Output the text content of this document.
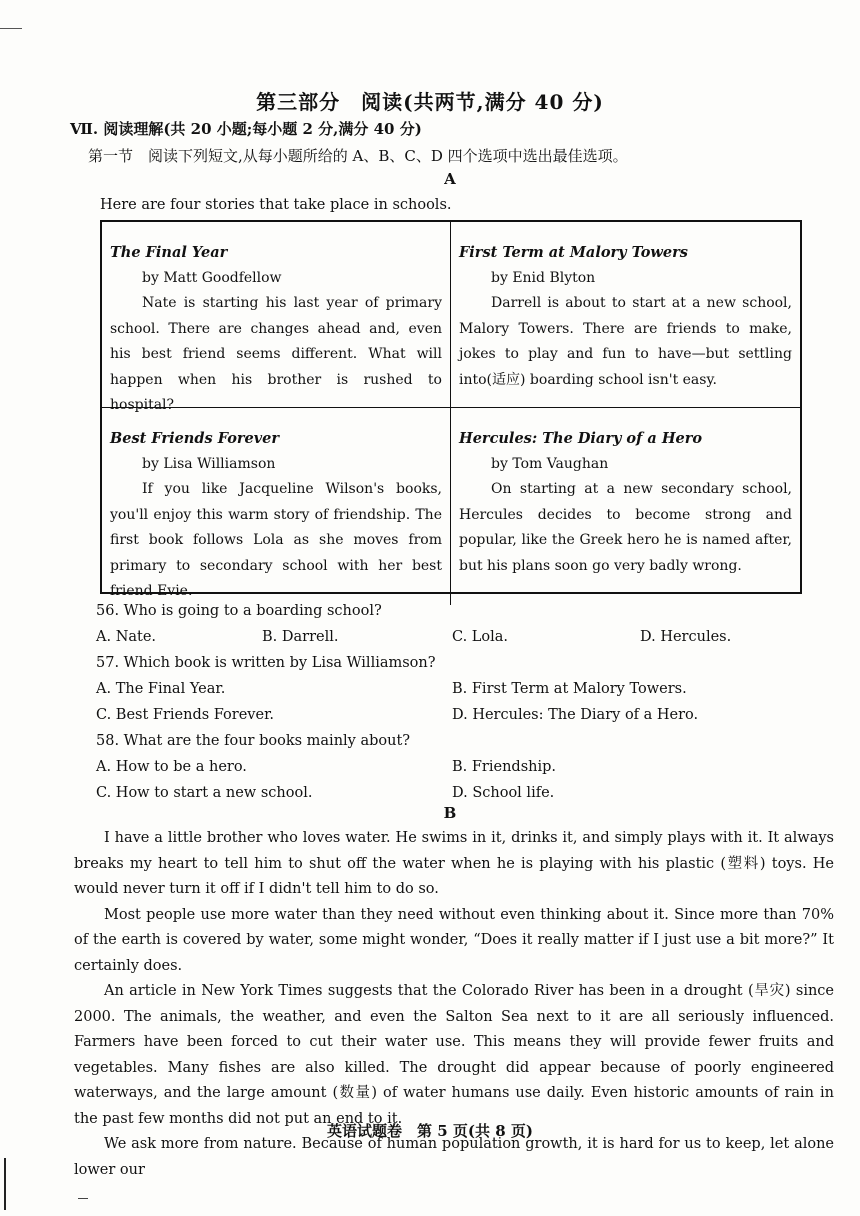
第三部分　阅读(共两节,满分 40 分)
Ⅶ. 阅读理解(共 20 小题;每小题 2 分,满分 40 分)
第一节　阅读下列短文,从每小题所给的 A、B、C、D 四个选项中选出最佳选项。
A
Here are four stories that take place in schools.
The Final Year
by Matt Goodfellow
Nate is starting his last year of primary school. There are changes ahead and, even his best friend seems different. What will happen when his brother is rushed to hospital?
First Term at Malory Towers
by Enid Blyton
Darrell is about to start at a new school, Malory Towers. There are friends to make, jokes to play and fun to have—but settling into(适应) boarding school isn't easy.
Best Friends Forever
by Lisa Williamson
If you like Jacqueline Wilson's books, you'll enjoy this warm story of friendship. The first book follows Lola as she moves from primary to secondary school with her best friend Evie.
Hercules: The Diary of a Hero
by Tom Vaughan
On starting at a new secondary school, Hercules decides to become strong and popular, like the Greek hero he is named after, but his plans soon go very badly wrong.
56. Who is going to a boarding school?
A. Nate.	B. Darrell.	C. Lola.	D. Hercules.
57. Which book is written by Lisa Williamson?
A. The Final Year.	B. First Term at Malory Towers.
C. Best Friends Forever.	D. Hercules: The Diary of a Hero.
58. What are the four books mainly about?
A. How to be a hero.	B. Friendship.
C. How to start a new school.	D. School life.
B

I have a little brother who loves water. He swims in it, drinks it, and simply plays with it. It always breaks my heart to tell him to shut off the water when he is playing with his plastic (塑料) toys. He would never turn it off if I didn't tell him to do so.

Most people use more water than they need without even thinking about it. Since more than 70% of the earth is covered by water, some might wonder, “Does it really matter if I just use a bit more?” It certainly does.

An article in New York Times suggests that the Colorado River has been in a drought (旱灾) since 2000. The animals, the weather, and even the Salton Sea next to it are all seriously influenced. Farmers have been forced to cut their water use. This means they will provide fewer fruits and vegetables. Many fishes are also killed. The drought did appear because of poorly engineered waterways, and the large amount (数量) of water humans use daily. Even historic amounts of rain in the past few months did not put an end to it.

We ask more from nature. Because of human population growth, it is hard for us to keep, let alone lower our

英语试题卷　第 5 页(共 8 页)
